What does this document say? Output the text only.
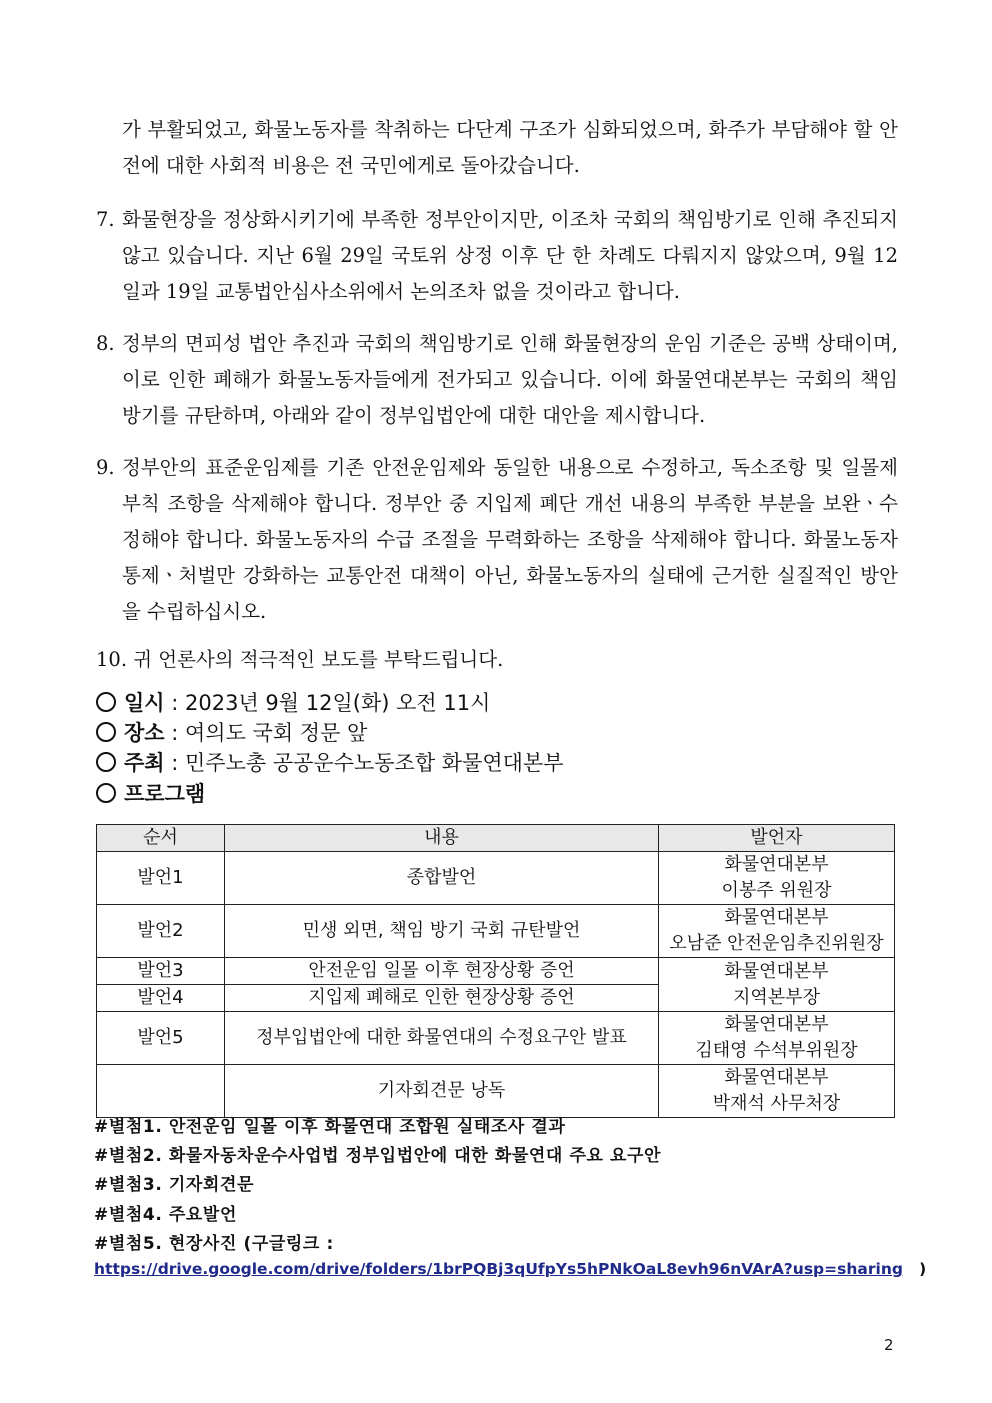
가 부활되었고, 화물노동자를 착취하는 다단계 구조가 심화되었으며, 화주가 부담해야 할 안전에 대한 사회적 비용은 전 국민에게로 돌아갔습니다.
7. 화물현장을 정상화시키기에 부족한 정부안이지만, 이조차 국회의 책임방기로 인해 추진되지 않고 있습니다. 지난 6월 29일 국토위 상정 이후 단 한 차례도 다뤄지지 않았으며, 9월 12일과 19일 교통법안심사소위에서 논의조차 없을 것이라고 합니다.
8. 정부의 면피성 법안 추진과 국회의 책임방기로 인해 화물현장의 운임 기준은 공백 상태이며, 이로 인한 폐해가 화물노동자들에게 전가되고 있습니다. 이에 화물연대본부는 국회의 책임방기를 규탄하며, 아래와 같이 정부입법안에 대한 대안을 제시합니다.
9. 정부안의 표준운임제를 기존 안전운임제와 동일한 내용으로 수정하고, 독소조항 및 일몰제 부칙 조항을 삭제해야 합니다. 정부안 중 지입제 폐단 개선 내용의 부족한 부분을 보완ㆍ수정해야 합니다. 화물노동자의 수급 조절을 무력화하는 조항을 삭제해야 합니다. 화물노동자 통제ㆍ처벌만 강화하는 교통안전 대책이 아닌, 화물노동자의 실태에 근거한 실질적인 방안을 수립하십시오.
10. 귀 언론사의 적극적인 보도를 부탁드립니다.
일시 : 2023년 9월 12일(화) 오전 11시
장소 : 여의도 국회 정문 앞
주최 : 민주노총 공공운수노동조합 화물연대본부
프로그램
순서	내용	발언자
발언1	종합발언	화물연대본부
이봉주 위원장
발언2	민생 외면, 책임 방기 국회 규탄발언	화물연대본부
오남준 안전운임추진위원장
발언3	안전운임 일몰 이후 현장상황 증언	화물연대본부
지역본부장
발언4	지입제 폐해로 인한 현장상황 증언	
발언5	정부입법안에 대한 화물연대의 수정요구안 발표	화물연대본부
김태영 수석부위원장
	기자회견문 낭독	화물연대본부
박재석 사무처장
#별첨1. 안전운임 일몰 이후 화물연대 조합원 실태조사 결과
#별첨2. 화물자동차운수사업법 정부입법안에 대한 화물연대 주요 요구안
#별첨3. 기자회견문
#별첨4. 주요발언
#별첨5. 현장사진 (구글링크 :
https://drive.google.com/drive/folders/1brPQBj3qUfpYs5hPNkOaL8evh96nVArA?usp=sharing )
2
